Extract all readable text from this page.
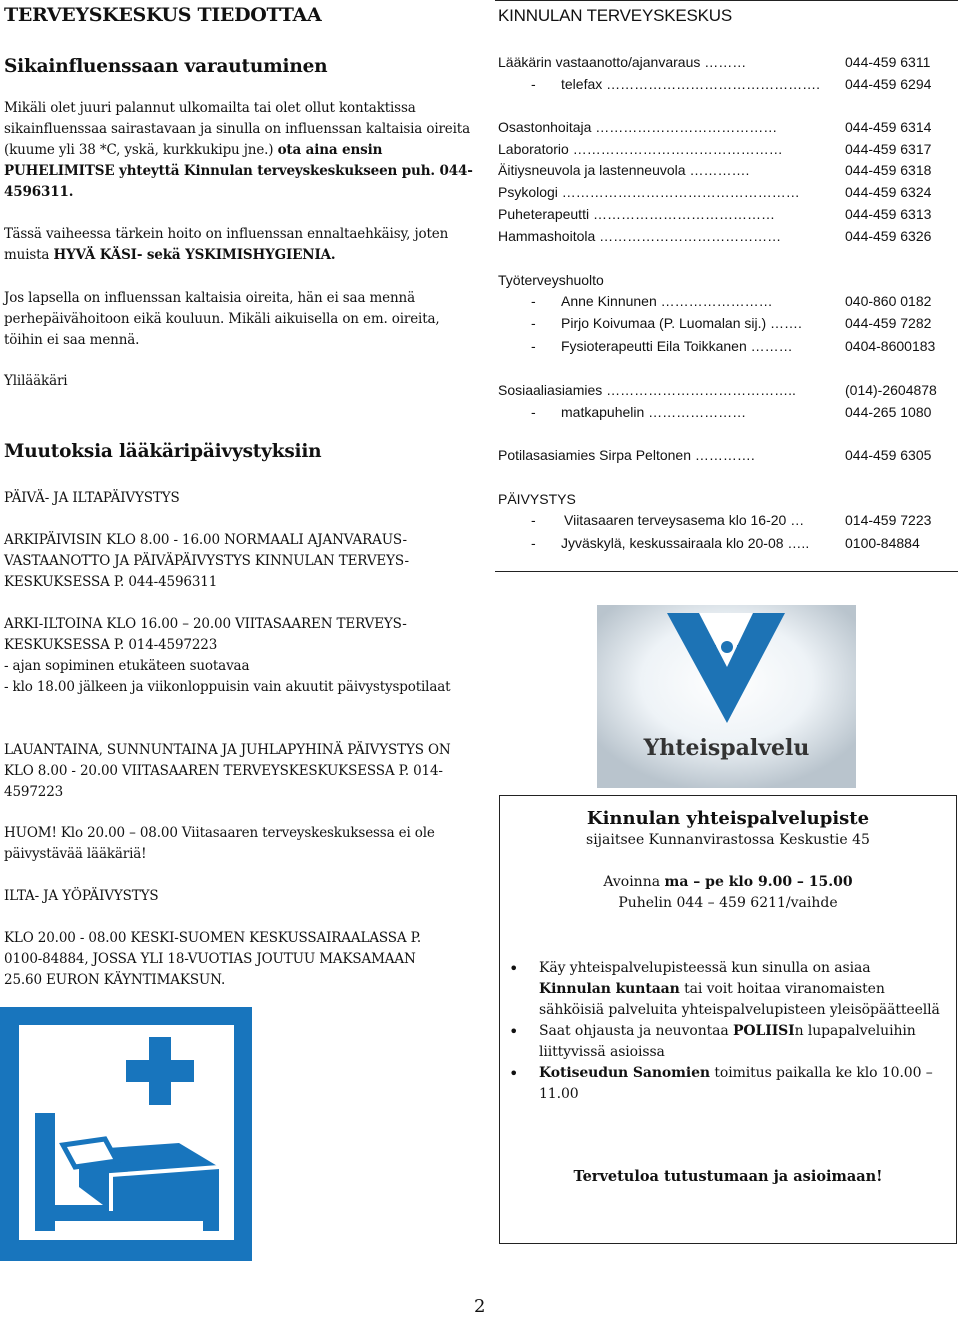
TERVEYSKESKUS TIEDOTTAA
Sikainfluenssaan varautuminen

Mikäli olet juuri palannut ulkomailta tai olet ollut kontaktissa sikainfluenssaa sairastavaan ja sinulla on influenssan kaltaisia oireita (kuume yli 38 *C, yskä, kurkkukipu jne.) ota aina ensin PUHELIMITSE yhteyttä Kinnulan terveyskeskukseen puh. 044-4596311.

Tässä vaiheessa tärkein hoito on influenssan ennaltaehkäisy, joten muista HYVÄ KÄSI- sekä YSKIMISHYGIENIA.

Jos lapsella on influenssan kaltaisia oireita, hän ei saa mennä perhepäivähoitoon eikä kouluun. Mikäli aikuisella on em. oireita, töihin ei saa mennä.

Ylilääkäri

Muutoksia lääkäripäivystyksiin

PÄIVÄ- JA ILTAPÄIVYSTYS

ARKIPÄIVISIN KLO 8.00 - 16.00 NORMAALI AJANVARAUS-VASTAANOTTO JA PÄIVÄPÄIVYSTYS KINNULAN TERVEYS-KESKUKSESSA P. 044-4596311

ARKI-ILTOINA KLO 16.00 – 20.00 VIITASAAREN TERVEYS-KESKUKSESSA P. 014-4597223

- ajan sopiminen etukäteen suotavaa

- klo 18.00 jälkeen ja viikonloppuisin vain akuutit päivystyspotilaat

LAUANTAINA, SUNNUNTAINA JA JUHLAPYHINÄ PÄIVYSTYS ON KLO 8.00 - 20.00 VIITASAAREN TERVEYSKESKUKSESSA P. 014-4597223

HUOM! Klo 20.00 – 08.00 Viitasaaren terveyskeskuksessa ei ole päivystävää lääkäriä!

ILTA- JA YÖPÄIVYSTYS

KLO 20.00 - 08.00 KESKI-SUOMEN KESKUSSAIRAALASSA P. 0100-84884, JOSSA YLI 18-VUOTIAS JOUTUU MAKSAMAAN 25.60 EURON KÄYNTIMAKSUN.

KINNULAN TERVEYSKESKUS
Lääkärin vastaanotto/ajanvaraus ………	044-459 6311
- telefax ………………………………………. 044-459 6294
Osastonhoitaja …………………………………	044-459 6314
Laboratorio ………………………………………	044-459 6317
Äitiysneuvola ja lastenneuvola ………….	044-459 6318
Psykologi ……………………………………………	044-459 6324
Puheterapeutti …………………………………	044-459 6313
Hammashoitola …………………………………	044-459 6326
Työterveyshuolto
- Anne Kinnunen ……………………	040-860 0182
- Pirjo Koivumaa (P. Luomalan sij.) …….	044-459 7282
- Fysioterapeutti Eila Toikkanen ………	0404-8600183
Sosiaaliasiamies …………………………………..	(014)-2604878
- matkapuhelin …………………	044-265 1080
Potilasasiamies Sirpa Peltonen ………….	044-459 6305
PÄIVYSTYS
- Viitasaaren terveysasema klo 16-20 …	014-459 7223
- Jyväskylä, keskussairaala klo 20-08 …..	0100-84884
Yhteispalvelu
Kinnulan yhteispalvelupiste
sijaitsee Kunnanvirastossa Keskustie 45
Avoinna ma – pe klo 9.00 – 15.00
Puhelin 044 – 459 6211/vaihde
• Käy yhteispalvelupisteessä kun sinulla on asiaa Kinnulan kuntaan tai voit hoitaa viranomaisten sähköisiä palveluita yhteispalvelupisteen yleisöpäätteellä
• Saat ohjausta ja neuvontaa POLIISIn lupapalveluihin liittyvissä asioissa
• Kotiseudun Sanomien toimitus paikalla ke klo 10.00 – 11.00
Tervetuloa tutustumaan ja asioimaan!
2
